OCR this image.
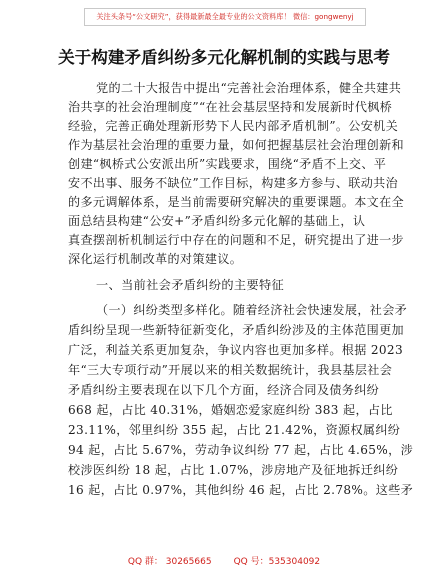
关注头条号“公文研究”，获得最新最全最专业的公文资料库！ 微信：gongwenyj
关于构建矛盾纠纷多元化解机制的实践与思考
党的二十大报告中提出“完善社会治理体系，健全共建共
治共享的社会治理制度”“在社会基层坚持和发展新时代枫桥
经验，完善正确处理新形势下人民内部矛盾机制”。公安机关
作为基层社会治理的重要力量，如何把握基层社会治理创新和
创建“枫桥式公安派出所”实践要求，围绕“矛盾不上交、平
安不出事、服务不缺位”工作目标，构建多方参与、联动共治
的多元调解体系，是当前需要研究解决的重要课题。本文在全
面总结县构建“公安+”矛盾纠纷多元化解的基础上，认
真查摆剖析机制运行中存在的问题和不足，研究提出了进一步
深化运行机制改革的对策建议。
一、当前社会矛盾纠纷的主要特征
（一）纠纷类型多样化。随着经济社会快速发展，社会矛
盾纠纷呈现一些新特征新变化，矛盾纠纷涉及的主体范围更加
广泛，利益关系更加复杂，争议内容也更加多样。根据 2023
年“三大专项行动”开展以来的相关数据统计，我县基层社会
矛盾纠纷主要表现在以下几个方面，经济合同及债务纠纷
668 起，占比 40.31%，婚姻恋爱家庭纠纷 383 起，占比
23.11%，邻里纠纷 355 起，占比 21.42%，资源权属纠纷
94 起，占比 5.67%，劳动争议纠纷 77 起，占比 4.65%，涉
校涉医纠纷 18 起，占比 1.07%，涉房地产及征地拆迁纠纷
16 起，占比 0.97%，其他纠纷 46 起，占比 2.78%。这些矛
QQ 群： 30265665 QQ 号：535304092
